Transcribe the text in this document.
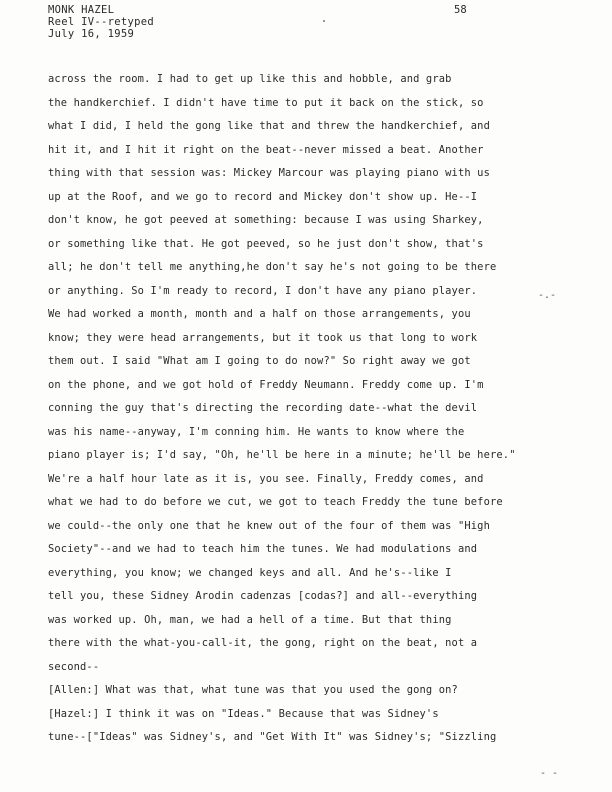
MONK HAZEL
Reel IV--retyped
July 16, 1959
58
-.-
- -
across the room. I had to get up like this and hobble, and grab
the handkerchief. I didn't have time to put it back on the stick, so
what I did, I held the gong like that and threw the handkerchief, and
hit it, and I hit it right on the beat--never missed a beat. Another
thing with that session was: Mickey Marcour was playing piano with us
up at the Roof, and we go to record and Mickey don't show up. He--I
don't know, he got peeved at something: because I was using Sharkey,
or something like that. He got peeved, so he just don't show, that's
all; he don't tell me anything,he don't say he's not going to be there
or anything. So I'm ready to record, I don't have any piano player.
We had worked a month, month and a half on those arrangements, you
know; they were head arrangements, but it took us that long to work
them out. I said "What am I going to do now?" So right away we got
on the phone, and we got hold of Freddy Neumann. Freddy come up. I'm
conning the guy that's directing the recording date--what the devil
was his name--anyway, I'm conning him. He wants to know where the
piano player is; I'd say, "Oh, he'll be here in a minute; he'll be here."
We're a half hour late as it is, you see. Finally, Freddy comes, and
what we had to do before we cut, we got to teach Freddy the tune before
we could--the only one that he knew out of the four of them was "High
Society"--and we had to teach him the tunes. We had modulations and
everything, you know; we changed keys and all. And he's--like I
tell you, these Sidney Arodin cadenzas [codas?] and all--everything
was worked up. Oh, man, we had a hell of a time. But that thing
there with the what-you-call-it, the gong, right on the beat, not a
second--
[Allen:] What was that, what tune was that you used the gong on?
[Hazel:] I think it was on "Ideas." Because that was Sidney's
tune--["Ideas" was Sidney's, and "Get With It" was Sidney's; "Sizzling
